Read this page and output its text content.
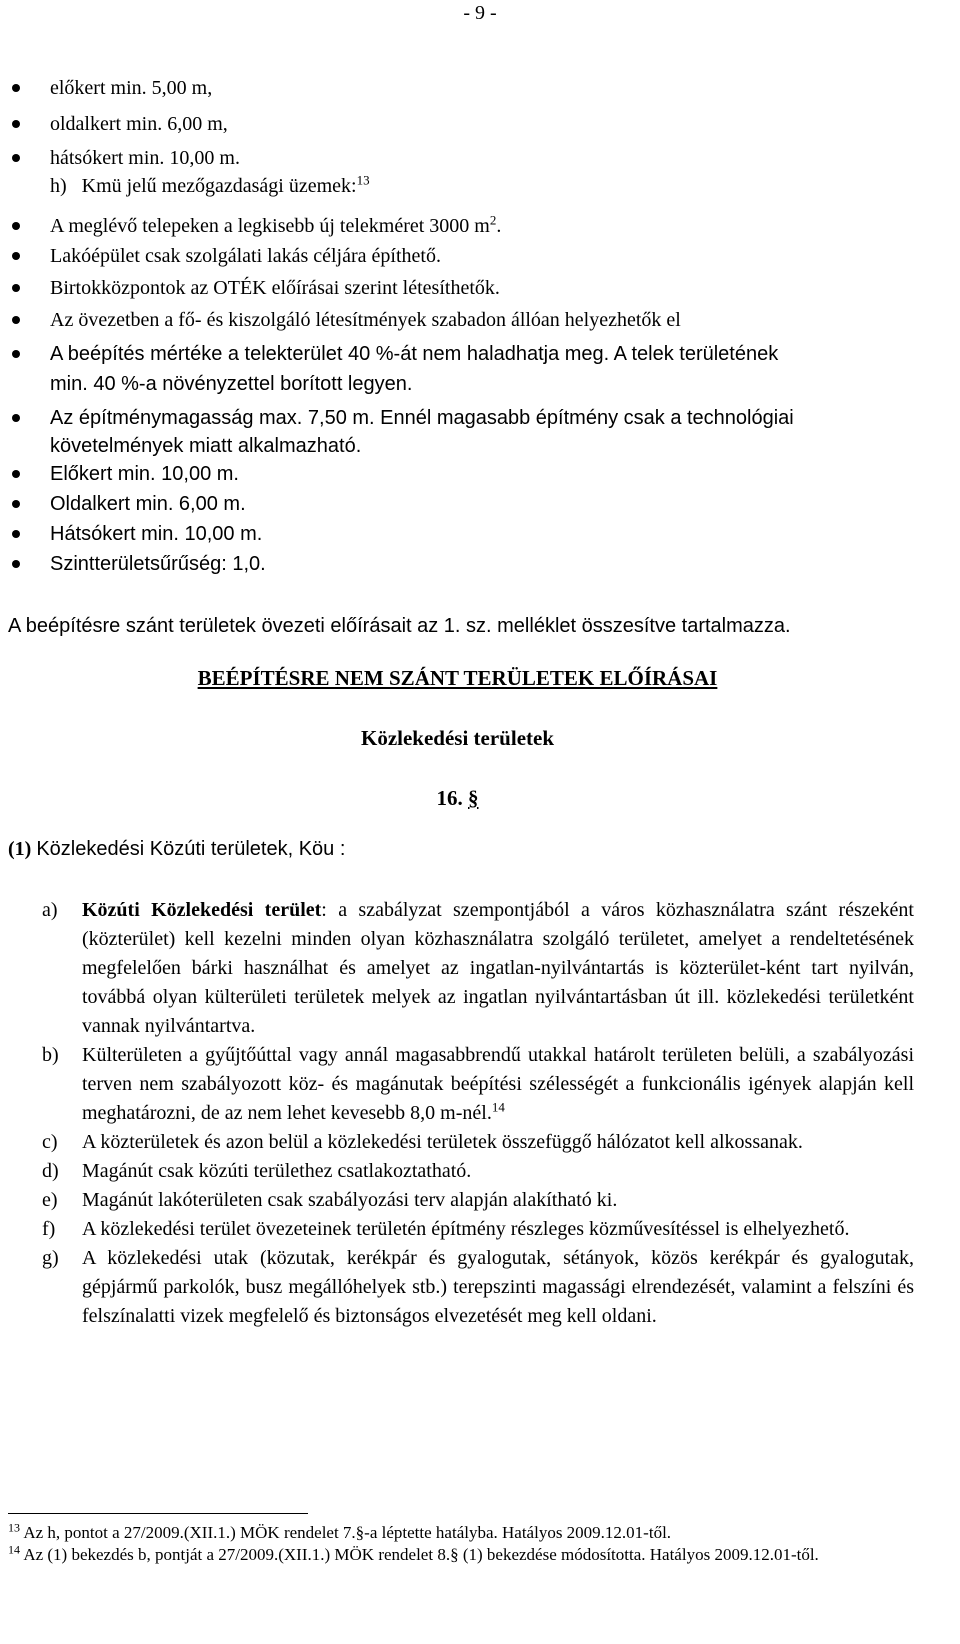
- 9 -
előkert min. 5,00 m,
oldalkert min. 6,00 m,
hátsókert min. 10,00 m.
h) Kmü jelű mezőgazdasági üzemek:$^{13}$
A meglévő telepeken a legkisebb új telekméret 3000 $m^2$.
Lakóépület csak szolgálati lakás céljára építhető.
Birtokközpontok az OTÉK előírásai szerint létesíthetők.
Az övezetben a fő- és kiszolgáló létesítmények szabadon állóan helyezhetők el
A beépítés mértéke a telekterület 40 %-át nem haladhatja meg. A telek területének
min. 40 %-a növényzettel borított legyen.
Az építménymagasság max. 7,50 m. Ennél magasabb építmény csak a technológiai
követelmények miatt alkalmazható.
Előkert min. 10,00 m.
Oldalkert min. 6,00 m.
Hátsókert min. 10,00 m.
Szintterületsűrűség: 1,0.
A beépítésre szánt területek övezeti előírásait az 1. sz. melléklet összesítve tartalmazza.
BEÉPÍTÉSRE NEM SZÁNT TERÜLETEK ELŐÍRÁSAI
Közlekedési területek
16. §
(1) Közlekedési Közúti területek, Köu :
a) Közúti Közlekedési terület: a szabályzat szempontjából a város közhasználatra szánt részeként (közterület) kell kezelni minden olyan közhasználatra szolgáló területet, amelyet a rendeltetésének megfelelően bárki használhat és amelyet az ingatlan-nyilvántartás is közterület-ként tart nyilván, továbbá olyan külterületi területek melyek az ingatlan nyilvántartásban út ill. közlekedési területként vannak nyilvántartva.
b) Külterületen a gyűjtőúttal vagy annál magasabbrendű utakkal határolt területen belüli, a szabályozási terven nem szabályozott köz- és magánutak beépítési szélességét a funkcionális igények alapján kell meghatározni, de az nem lehet kevesebb 8,0 m-nél.$^{14}$
c) A közterületek és azon belül a közlekedési területek összefüggő hálózatot kell alkossanak.
d) Magánút csak közúti területhez csatlakoztatható.
e) Magánút lakóterületen csak szabályozási terv alapján alakítható ki.
f) A közlekedési terület övezeteinek területén építmény részleges közművesítéssel is elhelyezhető.
g) A közlekedési utak (közutak, kerékpár és gyalogutak, sétányok, közös kerékpár és gyalogutak, gépjármű parkolók, busz megállóhelyek stb.) terepszinti magassági elrendezését, valamint a felszíni és felszínalatti vizek megfelelő és biztonságos elvezetését meg kell oldani.
$^{13}$ Az h, pontot a 27/2009.(XII.1.) MÖK rendelet 7.§-a léptette hatályba. Hatályos 2009.12.01-től.
$^{14}$ Az (1) bekezdés b, pontját a 27/2009.(XII.1.) MÖK rendelet 8.§ (1) bekezdése módosította. Hatályos 2009.12.01-től.
